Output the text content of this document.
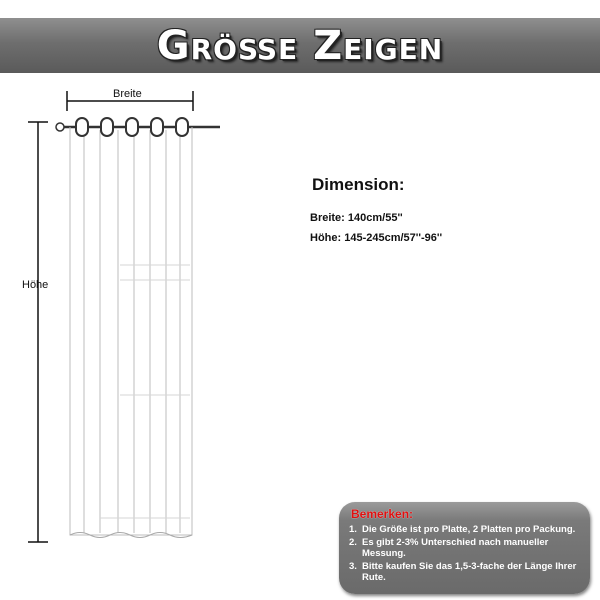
Größe Zeigen
Breite
Höhe
Dimension:
Breite: 140cm/55''
Höhe: 145-245cm/57''-96''
Bemerken:
1. Die Größe ist pro Platte, 2 Platten pro Packung.
2. Es gibt 2-3% Unterschied nach manueller Messung.
3. Bitte kaufen Sie das 1,5-3-fache der Länge Ihrer Rute.
